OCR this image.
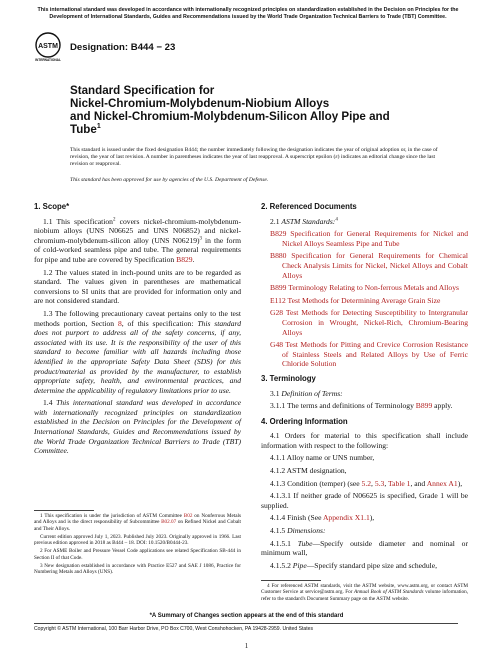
This international standard was developed in accordance with internationally recognized principles on standardization established in the Decision on Principles for the Development of International Standards, Guides and Recommendations issued by the World Trade Organization Technical Barriers to Trade (TBT) Committee.
ASTM
INTERNATIONAL
Designation: B444 − 23
Standard Specification for
Nickel-Chromium-Molybdenum-Niobium Alloys
and Nickel-Chromium-Molybdenum-Silicon Alloy Pipe and
Tube$^1$
This standard is issued under the fixed designation B444; the number immediately following the designation indicates the year of original adoption or, in the case of revision, the year of last revision. A number in parentheses indicates the year of last reapproval. A superscript epsilon (ε) indicates an editorial change since the last revision or reapproval.
This standard has been approved for use by agencies of the U.S. Department of Defense.
1. Scope*

1.1 This specification$^2$ covers nickel-chromium-molybdenum-niobium alloys (UNS N06625 and UNS N06852) and nickel-chromium-molybdenum-silicon alloy (UNS N06219)$^3$ in the form of cold-worked seamless pipe and tube. The general requirements for pipe and tube are covered by Specification B829.

1.2 The values stated in inch-pound units are to be regarded as standard. The values given in parentheses are mathematical conversions to SI units that are provided for information only and are not considered standard.

1.3 The following precautionary caveat pertains only to the test methods portion, Section 8, of this specification: This standard does not purport to address all of the safety concerns, if any, associated with its use. It is the responsibility of the user of this standard to become familiar with all hazards including those identified in the appropriate Safety Data Sheet (SDS) for this product/material as provided by the manufacturer, to establish appropriate safety, health, and environmental practices, and determine the applicability of regulatory limitations prior to use.

1.4 This international standard was developed in accordance with internationally recognized principles on standardization established in the Decision on Principles for the Development of International Standards, Guides and Recommendations issued by the World Trade Organization Technical Barriers to Trade (TBT) Committee.

1 This specification is under the jurisdiction of ASTM Committee B02 on Nonferrous Metals and Alloys and is the direct responsibility of Subcommittee B02.07 on Refined Nickel and Cobalt and Their Alloys.

Current edition approved July 1, 2023. Published July 2023. Originally approved in 1966. Last previous edition approved in 2018 as B444 – 18. DOI: 10.1520/B0444-23.

2 For ASME Boiler and Pressure Vessel Code applications see related Specification SB-444 in Section II of that Code.

3 New designation established in accordance with Practice E527 and SAE J 1086, Practice for Numbering Metals and Alloys (UNS).

2. Referenced Documents

2.1 ASTM Standards:$^4$

B829 Specification for General Requirements for Nickel and Nickel Alloys Seamless Pipe and Tube

B880 Specification for General Requirements for Chemical Check Analysis Limits for Nickel, Nickel Alloys and Cobalt Alloys

B899 Terminology Relating to Non-ferrous Metals and Alloys

E112 Test Methods for Determining Average Grain Size

G28 Test Methods for Detecting Susceptibility to Intergranular Corrosion in Wrought, Nickel-Rich, Chromium-Bearing Alloys

G48 Test Methods for Pitting and Crevice Corrosion Resistance of Stainless Steels and Related Alloys by Use of Ferric Chloride Solution

3. Terminology

3.1 Definition of Terms:

3.1.1 The terms and definitions of Terminology B899 apply.

4. Ordering Information

4.1 Orders for material to this specification shall include information with respect to the following:

4.1.1 Alloy name or UNS number,

4.1.2 ASTM designation,

4.1.3 Condition (temper) (see 5.2, 5.3, Table 1, and Annex A1),

4.1.3.1 If neither grade of N06625 is specified, Grade 1 will be supplied.

4.1.4 Finish (See Appendix X1.1),

4.1.5 Dimensions:

4.1.5.1 Tube—Specify outside diameter and nominal or minimum wall,

4.1.5.2 Pipe—Specify standard pipe size and schedule,

4 For referenced ASTM standards, visit the ASTM website, www.astm.org, or contact ASTM Customer Service at service@astm.org. For Annual Book of ASTM Standards volume information, refer to the standard's Document Summary page on the ASTM website.

*A Summary of Changes section appears at the end of this standard
Copyright © ASTM International, 100 Barr Harbor Drive, PO Box C700, West Conshohocken, PA 19428-2959. United States
1
